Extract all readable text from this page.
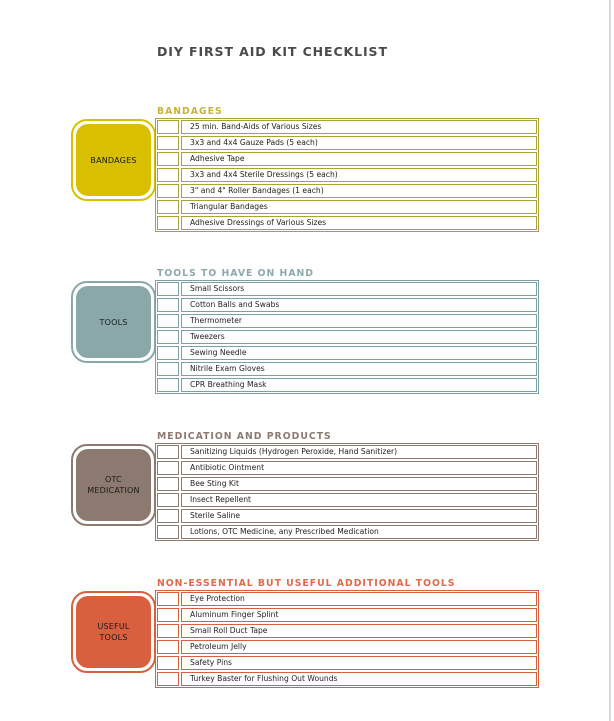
DIY FIRST AID KIT CHECKLIST
BANDAGES
BANDAGES
25 min. Band-Aids of Various Sizes
3x3 and 4x4 Gauze Pads (5 each)
Adhesive Tape
3x3 and 4x4 Sterile Dressings (5 each)
3" and 4" Roller Bandages (1 each)
Triangular Bandages
Adhesive Dressings of Various Sizes
TOOLS TO HAVE ON HAND
TOOLS
Small Scissors
Cotton Balls and Swabs
Thermometer
Tweezers
Sewing Needle
Nitrile Exam Gloves
CPR Breathing Mask
MEDICATION AND PRODUCTS
OTC
MEDICATION
Sanitizing Liquids (Hydrogen Peroxide, Hand Sanitizer)
Antibiotic Ointment
Bee Sting Kit
Insect Repellent
Sterile Saline
Lotions, OTC Medicine, any Prescribed Medication
NON-ESSENTIAL BUT USEFUL ADDITIONAL TOOLS
USEFUL
TOOLS
Eye Protection
Aluminum Finger Splint
Small Roll Duct Tape
Petroleum Jelly
Safety Pins
Turkey Baster for Flushing Out Wounds
